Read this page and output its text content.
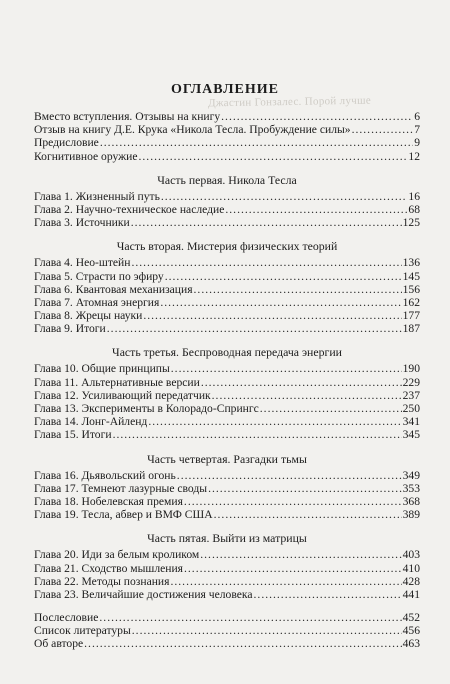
Джастин Гонзалес. Порой лучше
ОГЛАВЛЕНИЕ
Вместо вступления. Отзывы на книгу .....	6
Отзыв на книгу Д.Е. Крука «Никола Тесла. Пробуждение силы» .....	7
Предисловие .....	9
Когнитивное оружие .....	12
Часть первая. Никола Тесла
Глава 1. Жизненный путь .....	16
Глава 2. Научно-техническое наследие .....	68
Глава 3. Источники .....	125
Часть вторая. Мистерия физических теорий
Глава 4. Нео-штейн .....	136
Глава 5. Страсти по эфиру .....	145
Глава 6. Квантовая механизация .....	156
Глава 7. Атомная энергия .....	162
Глава 8. Жрецы науки .....	177
Глава 9. Итоги .....	187
Часть третья. Беспроводная передача энергии
Глава 10. Общие принципы .....	190
Глава 11. Альтернативные версии .....	229
Глава 12. Усиливающий передатчик .....	237
Глава 13. Эксперименты в Колорадо-Спрингс .....	250
Глава 14. Лонг-Айленд .....	341
Глава 15. Итоги .....	345
Часть четвертая. Разгадки тьмы
Глава 16. Дьявольский огонь .....	349
Глава 17. Темнеют лазурные своды .....	353
Глава 18. Нобелевская премия .....	368
Глава 19. Тесла, абвер и ВМФ США .....	389
Часть пятая. Выйти из матрицы
Глава 20. Иди за белым кроликом .....	403
Глава 21. Сходство мышления .....	410
Глава 22. Методы познания .....	428
Глава 23. Величайшие достижения человека .....	441
Послесловие .....	452
Список литературы .....	456
Об авторе .....	463
